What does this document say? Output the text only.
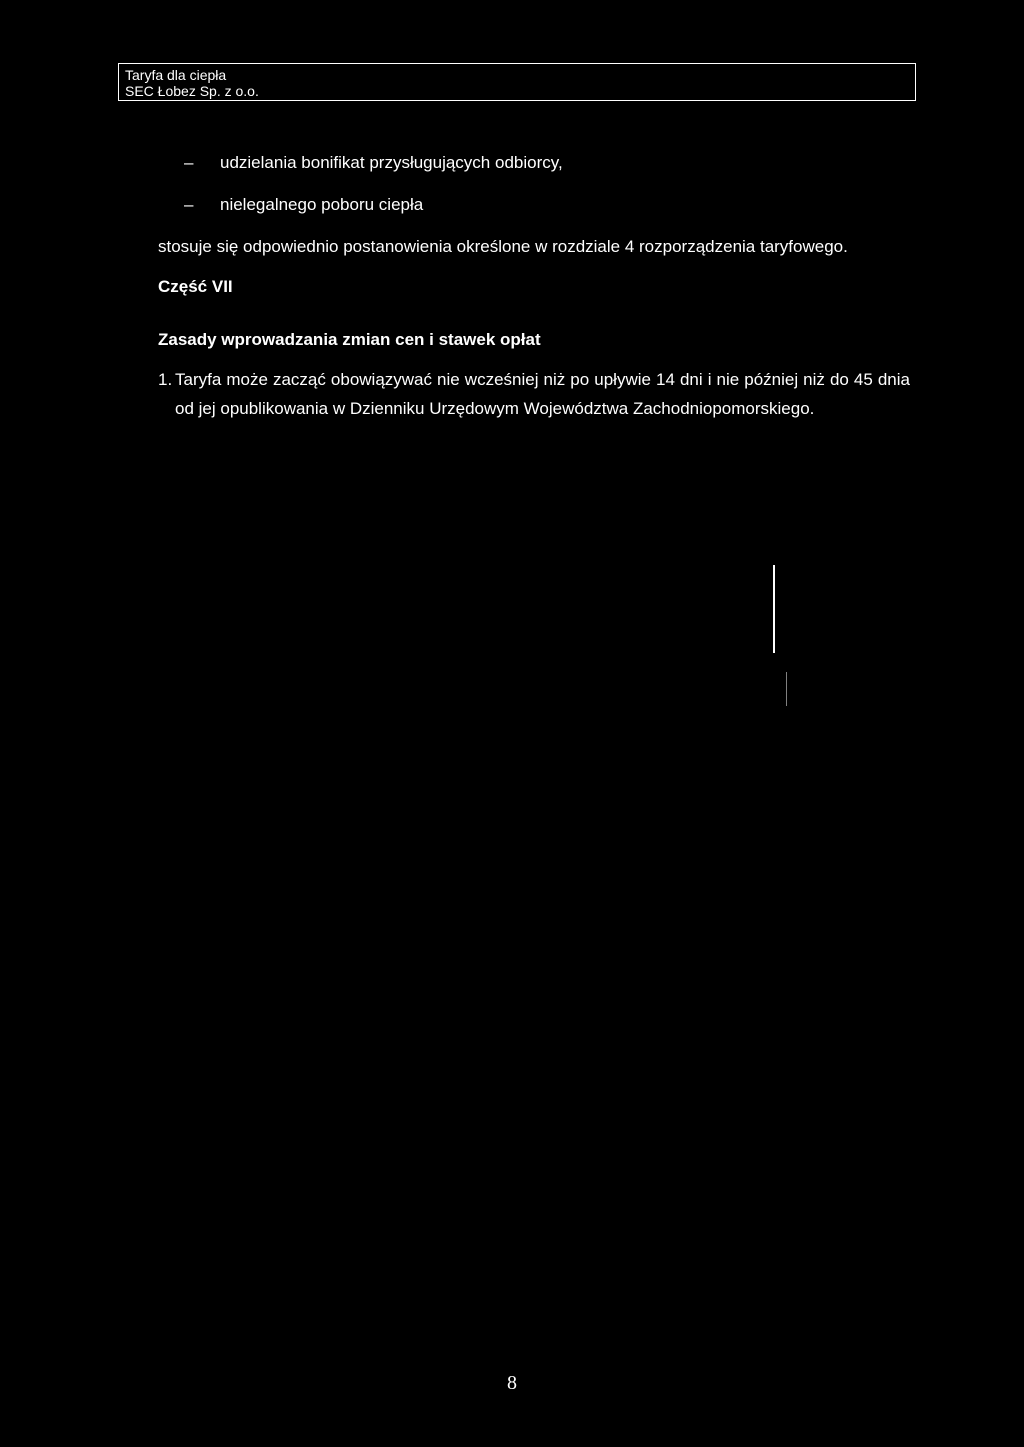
Taryfa dla ciepła
SEC Łobez Sp. z o.o.
– udzielania bonifikat przysługujących odbiorcy,
– nielegalnego poboru ciepła
stosuje się odpowiednio postanowienia określone w rozdziale 4 rozporządzenia taryfowego.
Część VII
Zasady wprowadzania zmian cen i stawek opłat
1. Taryfa może zacząć obowiązywać nie wcześniej niż po upływie 14 dni i nie później niż do 45 dnia od jej opublikowania w Dzienniku Urzędowym Województwa Zachodniopomorskiego.
8
